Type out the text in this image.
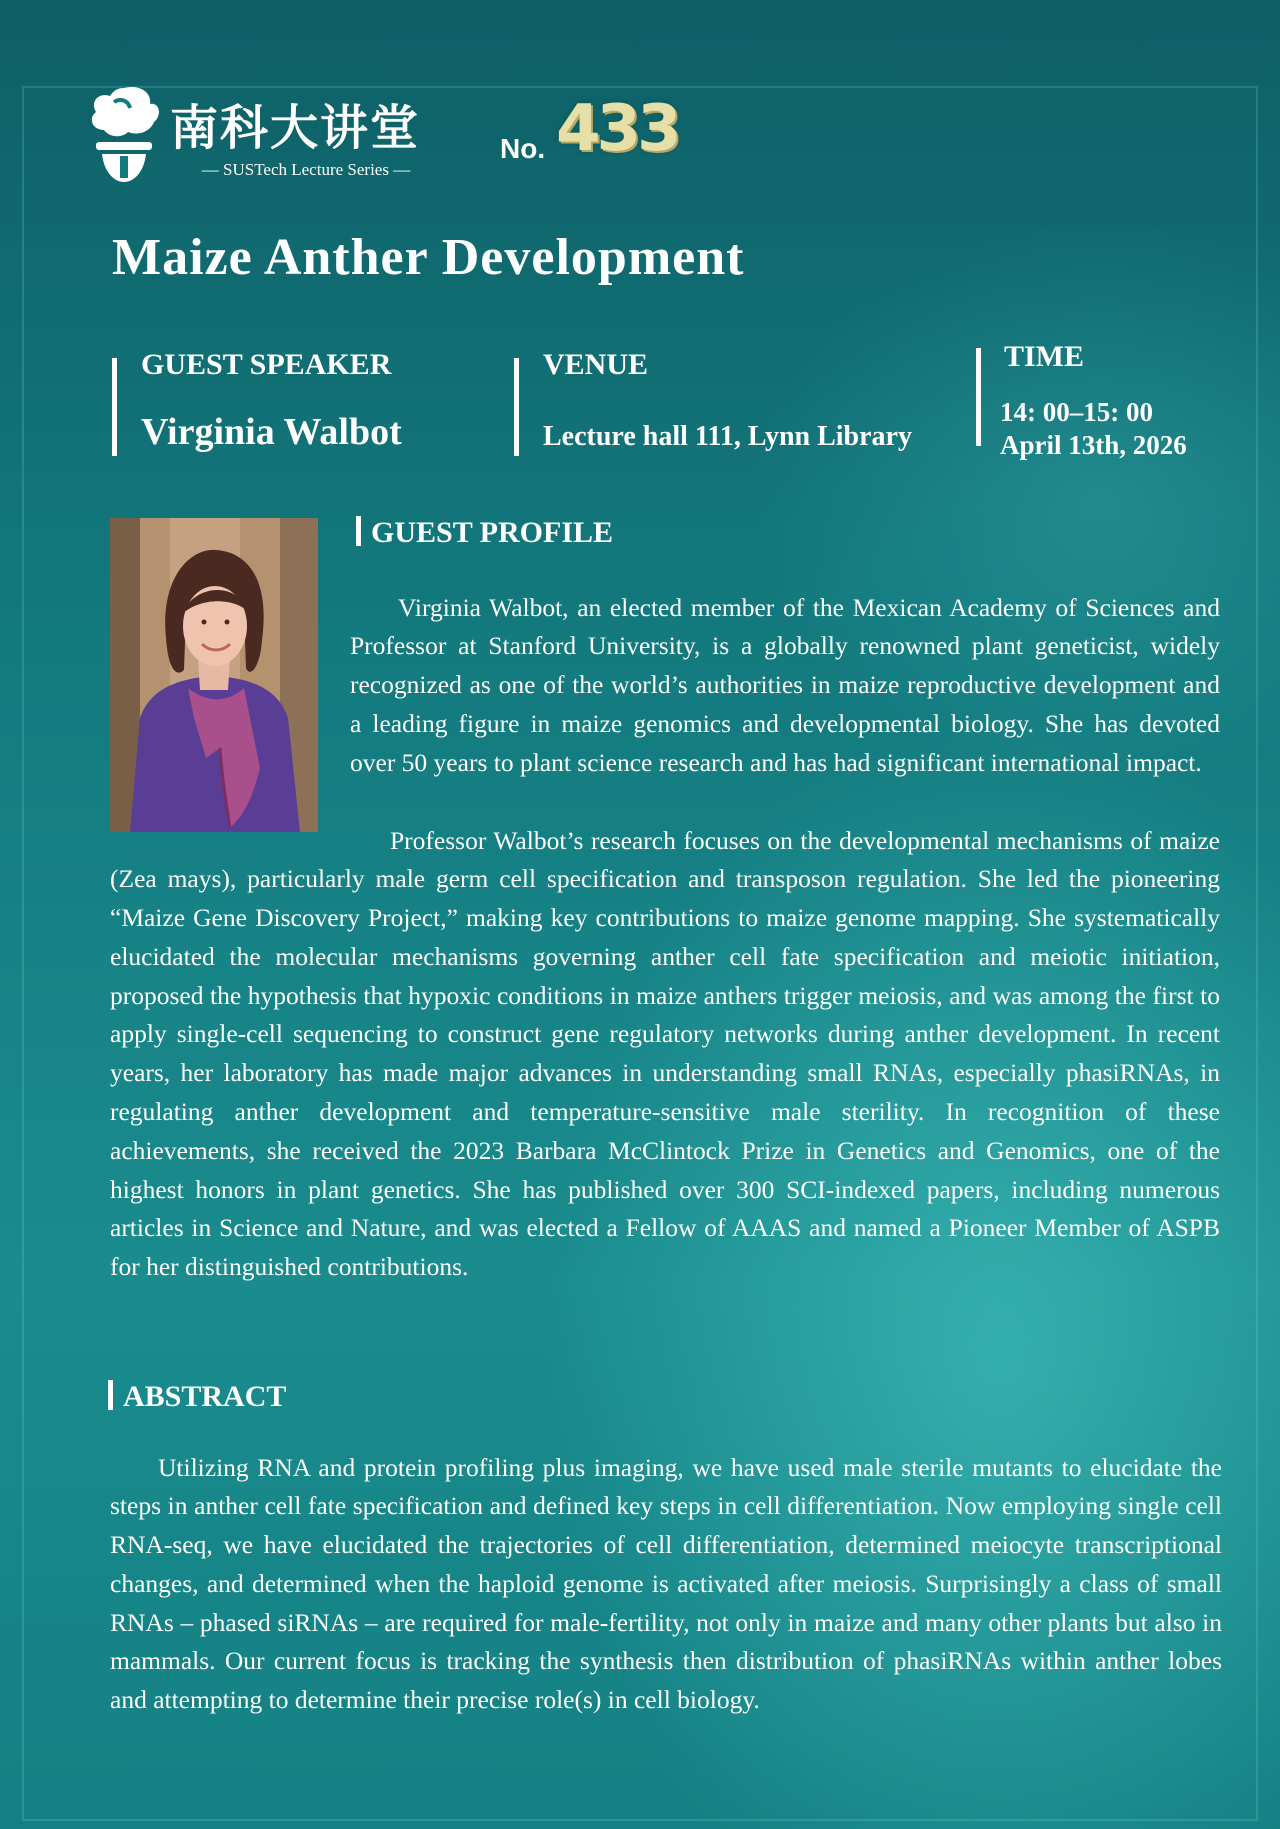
南科大讲堂
— SUSTech Lecture Series —
No. 433
Maize Anther Development
GUEST SPEAKER
Virginia Walbot
VENUE
Lecture hall 111, Lynn Library
TIME
14: 00–15: 00
April 13th, 2026
GUEST PROFILE

Virginia Walbot, an elected member of the Mexican Academy of Sciences and Professor at Stanford University, is a globally renowned plant geneticist, widely recognized as one of the world’s authorities in maize reproductive development and a leading figure in maize genomics and developmental biology. She has devoted over 50 years to plant science research and has had significant international impact.

Professor Walbot’s research focuses on the developmental mechanisms of maize (Zea mays), particularly male germ cell specification and transposon regulation. She led the pioneering “Maize Gene Discovery Project,” making key contributions to maize genome mapping. She systematically elucidated the molecular mechanisms governing anther cell fate specification and meiotic initiation, proposed the hypothesis that hypoxic conditions in maize anthers trigger meiosis, and was among the first to apply single-cell sequencing to construct gene regulatory networks during anther development. In recent years, her laboratory has made major advances in understanding small RNAs, especially phasiRNAs, in regulating anther development and temperature-sensitive male sterility. In recognition of these achievements, she received the 2023 Barbara McClintock Prize in Genetics and Genomics, one of the highest honors in plant genetics. She has published over 300 SCI-indexed papers, including numerous articles in Science and Nature, and was elected a Fellow of AAAS and named a Pioneer Member of ASPB for her distinguished contributions.

ABSTRACT

Utilizing RNA and protein profiling plus imaging, we have used male sterile mutants to elucidate the steps in anther cell fate specification and defined key steps in cell differentiation. Now employing single cell RNA-seq, we have elucidated the trajectories of cell differentiation, determined meiocyte transcriptional changes, and determined when the haploid genome is activated after meiosis. Surprisingly a class of small RNAs – phased siRNAs – are required for male-fertility, not only in maize and many other plants but also in mammals. Our current focus is tracking the synthesis then distribution of phasiRNAs within anther lobes and attempting to determine their precise role(s) in cell biology.
